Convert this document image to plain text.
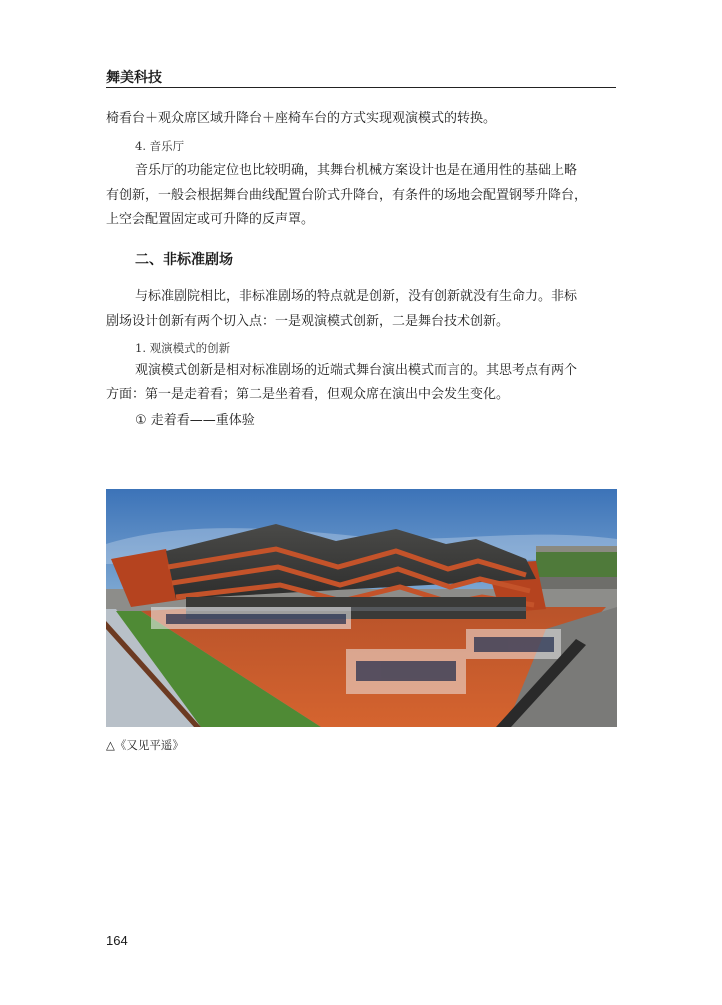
舞美科技
椅看台＋观众席区域升降台＋座椅车台的方式实现观演模式的转换。
4. 音乐厅
音乐厅的功能定位也比较明确，其舞台机械方案设计也是在通用性的基础上略
有创新，一般会根据舞台曲线配置台阶式升降台，有条件的场地会配置钢琴升降台，
上空会配置固定或可升降的反声罩。
二、非标准剧场
与标准剧院相比，非标准剧场的特点就是创新，没有创新就没有生命力。非标
剧场设计创新有两个切入点：一是观演模式创新，二是舞台技术创新。
1. 观演模式的创新
观演模式创新是相对标准剧场的近端式舞台演出模式而言的。其思考点有两个
方面：第一是走着看；第二是坐着看，但观众席在演出中会发生变化。
① 走着看——重体验
△《又见平遥》
164
